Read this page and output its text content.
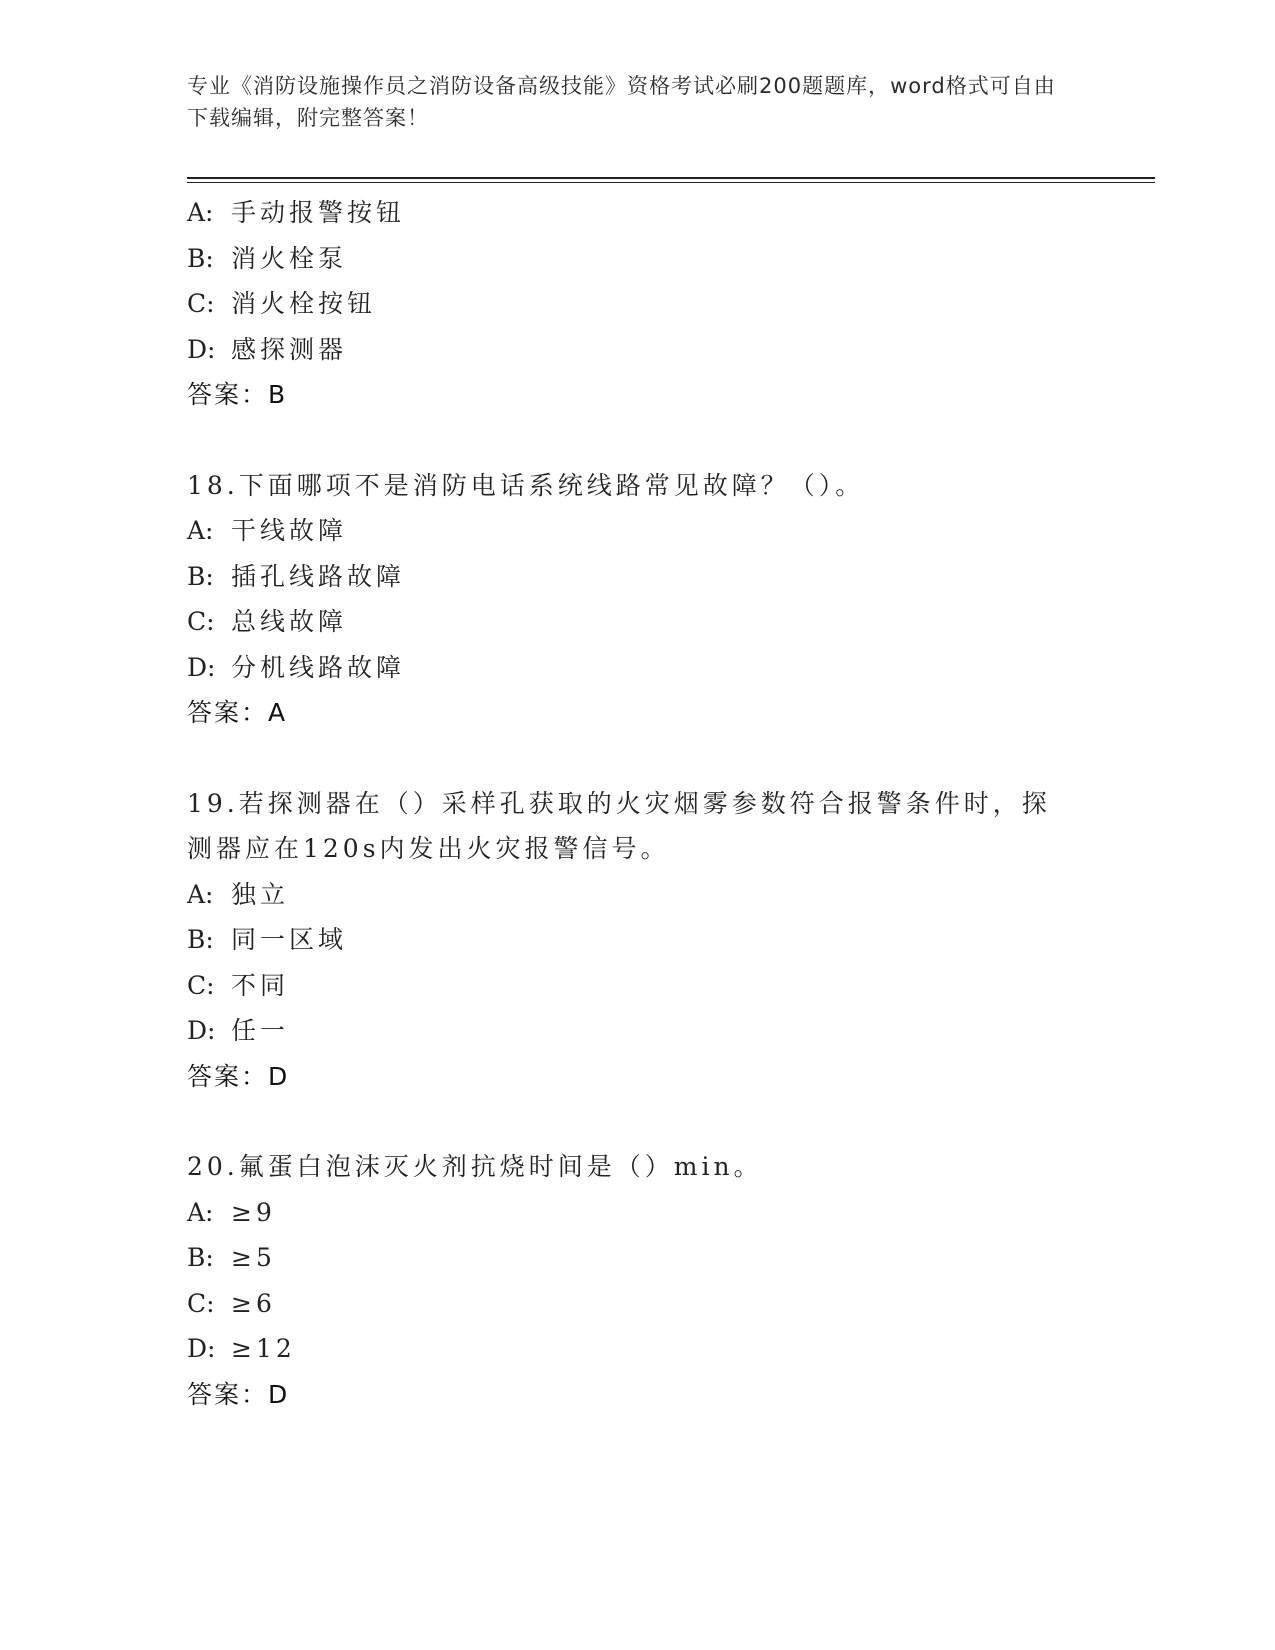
专业《消防设施操作员之消防设备高级技能》资格考试必刷200题题库，word格式可自由下载编辑，附完整答案！
A: 手动报警按钮
B: 消火栓泵
C: 消火栓按钮
D: 感探测器
答案：B
18.下面哪项不是消防电话系统线路常见故障？（）。
A: 干线故障
B: 插孔线路故障
C: 总线故障
D: 分机线路故障
答案：A
19.若探测器在（）采样孔获取的火灾烟雾参数符合报警条件时，探测器应在120s内发出火灾报警信号。
A: 独立
B: 同一区域
C: 不同
D: 任一
答案：D
20.氟蛋白泡沫灭火剂抗烧时间是（）min。
A: ≥9
B: ≥5
C: ≥6
D: ≥12
答案：D
